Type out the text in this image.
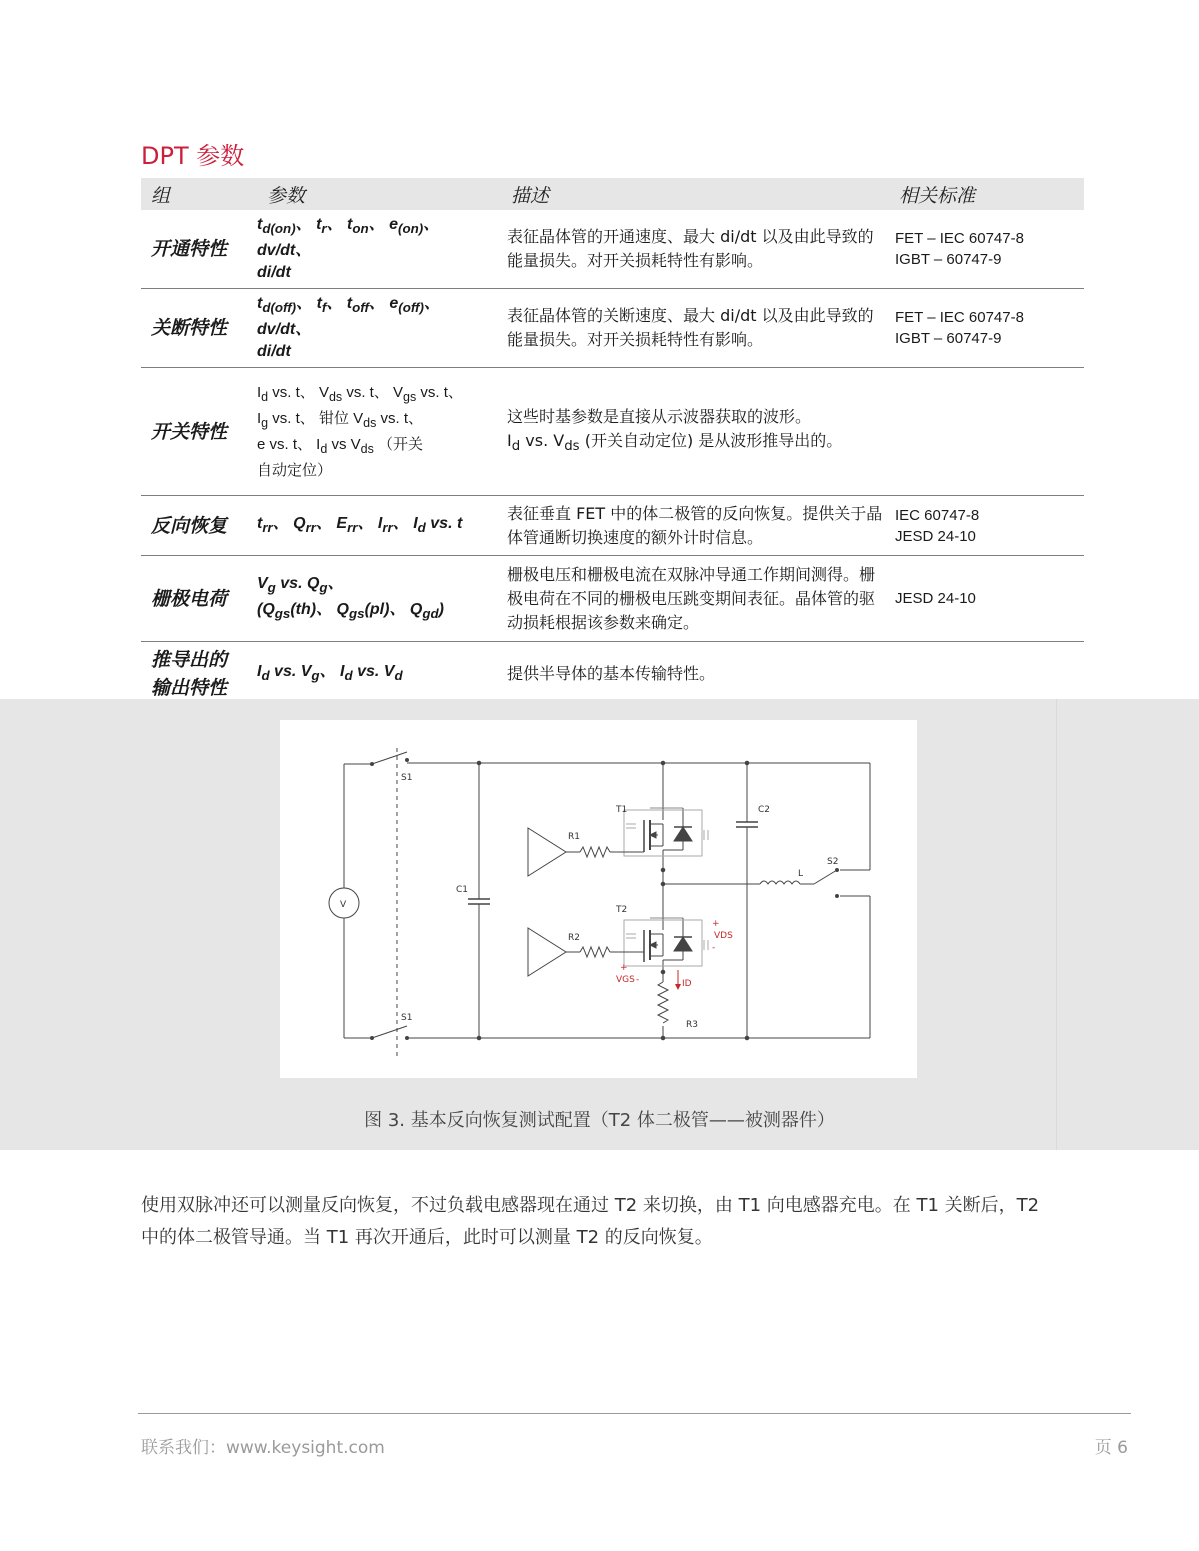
DPT 参数
组	参数	描述	相关标准
开通特性	$t_{d(on)}$、 $t_r$、 $t_{on}$、 $e_{(on)}$、 dv/dt、
di/dt	表征晶体管的开通速度、最大 di/dt 以及由此导致的能量损失。对开关损耗特性有影响。	FET – IEC 60747-8
IGBT – 60747-9
关断特性	$t_{d(off)}$、 $t_f$、 $t_{off}$、 $e_{(off)}$、 dv/dt、
di/dt	表征晶体管的关断速度、最大 di/dt 以及由此导致的能量损失。对开关损耗特性有影响。	FET – IEC 60747-8
IGBT – 60747-9
开关特性	$I_d$ vs. t、 $V_{ds}$ vs. t、 $V_{gs}$ vs. t、
$I_g$ vs. t、 钳位 $V_{ds}$ vs. t、
e vs. t、 $I_d$ vs $V_{ds}$ （开关
自动定位）	这些时基参数是直接从示波器获取的波形。
$I_d$ vs. $V_{ds}$ (开关自动定位) 是从波形推导出的。	
反向恢复	$t_{rr}$、 $Q_{rr}$、 $E_{rr}$、 $I_{rr}$、 $I_d$ vs. t	表征垂直 FET 中的体二极管的反向恢复。提供关于晶体管通断切换速度的额外计时信息。	IEC 60747-8
JESD 24-10
栅极电荷	$V_g$ vs. $Q_g$、
($Q_{gs}(th)$、 $Q_{gs}(pl)$、 $Q_{gd}$)	栅极电压和栅极电流在双脉冲导通工作期间测得。栅极电荷在不同的栅极电压跳变期间表征。晶体管的驱动损耗根据该参数来确定。	JESD 24-10
推导出的
输出特性	$I_d$ vs. $V_g$、 $I_d$ vs. $V_d$	提供半导体的基本传输特性。	
V
S1
S1
C1
C2
S2
L
T1
T2
R1
R2
R3
ID
+
VDS
-
+
VGS -
图 3. 基本反向恢复测试配置（T2 体二极管——被测器件）

使用双脉冲还可以测量反向恢复，不过负载电感器现在通过 T2 来切换，由 T1 向电感器充电。在 T1 关断后，T2 中的体二极管导通。当 T1 再次开通后，此时可以测量 T2 的反向恢复。

联系我们：www.keysight.com	页 6
